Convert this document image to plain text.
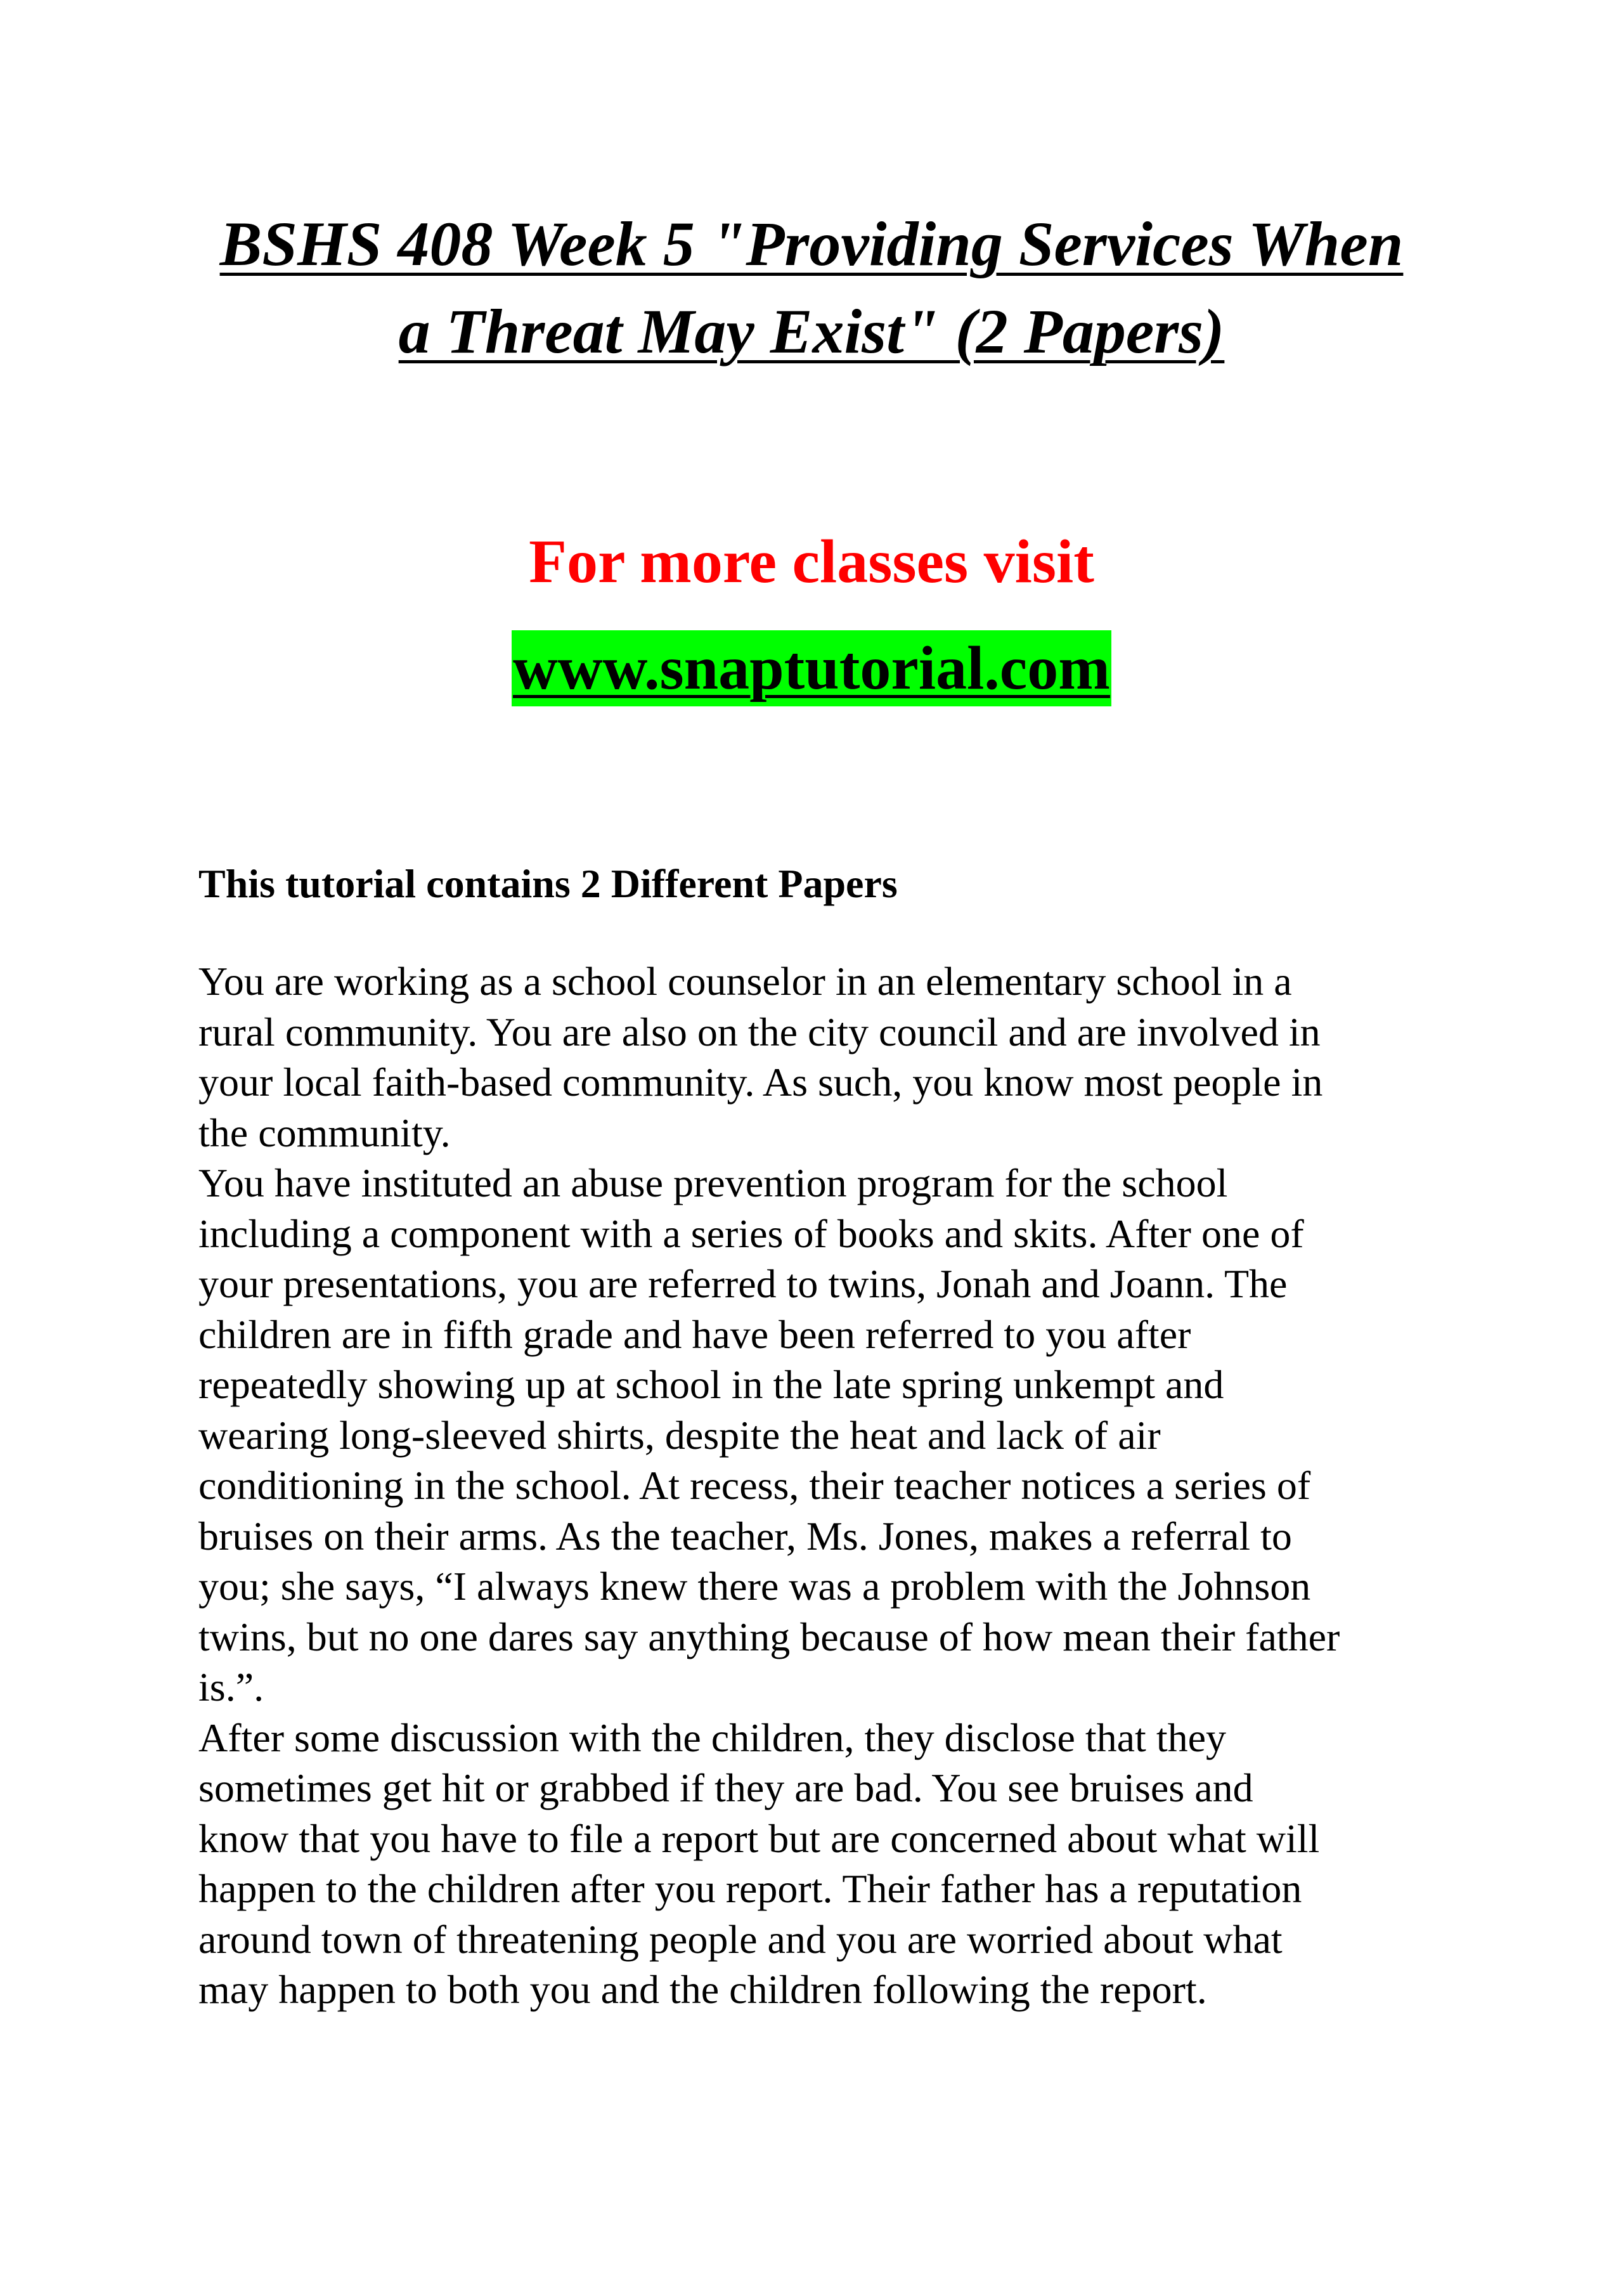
BSHS 408 Week 5 "Providing Services When
a Threat May Exist" (2 Papers)
For more classes visit
www.snaptutorial.com
This tutorial contains 2 Different Papers
You are working as a school counselor in an elementary school in a
rural community. You are also on the city council and are involved in
your local faith-based community. As such, you know most people in
the community.
You have instituted an abuse prevention program for the school
including a component with a series of books and skits. After one of
your presentations, you are referred to twins, Jonah and Joann. The
children are in fifth grade and have been referred to you after
repeatedly showing up at school in the late spring unkempt and
wearing long-sleeved shirts, despite the heat and lack of air
conditioning in the school. At recess, their teacher notices a series of
bruises on their arms. As the teacher, Ms. Jones, makes a referral to
you; she says, “I always knew there was a problem with the Johnson
twins, but no one dares say anything because of how mean their father
is.”.
After some discussion with the children, they disclose that they
sometimes get hit or grabbed if they are bad. You see bruises and
know that you have to file a report but are concerned about what will
happen to the children after you report. Their father has a reputation
around town of threatening people and you are worried about what
may happen to both you and the children following the report.
